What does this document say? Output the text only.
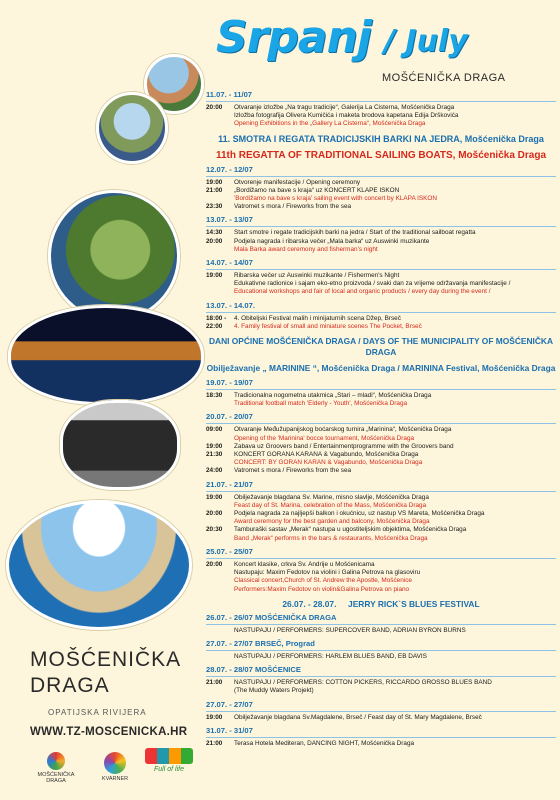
MOŠĆENIČKA
DRAGA
OPATIJSKA RIVIJERA
WWW.TZ-MOSCENICKA.HR
MOŠĆENIČKA DRAGA	KVARNER
Full of life
Srpanj / July
MOŠĆENIČKA DRAGA
11.07. - 11/07
20:00	Otvaranje izložbe „Na tragu tradicije“, Galerija La Cisterna, Mošćenička Draga
Izložba fotografija Olivera Kumičića i maketa brodova kapetana Edija Drškovića
Opening Exhibitions in the „Gallery La Cisterna“, Mošćenička Draga
11. SMOTRA I REGATA TRADICIJSKIH BARKI NA JEDRA, Mošćenička Draga
11th REGATTA OF TRADITIONAL SAILING BOATS, Mošćenička Draga
12.07. - 12/07
19:00	Otvorenje manifestacije / Opening ceremony
21:00	„Bordižamo na bave s kraja“ uz KONCERT KLAPE ISKON
'Bordižamo na bave s kraja' sailing event with concert by KLAPA ISKON
23:30	Vatromet s mora / Fireworks from the sea
13.07. - 13/07
14:30	Start smotre i regate tradicijskih barki na jedra / Start of the traditional sailboat regatta
20:00	Podjela nagrada i ribarska večer „Mala barka“ uz Auswinki muzikante
Mala Barka award ceremony and fisherman's night
14.07. - 14/07
19:00	Ribarska večer uz Auswinki muzikante / Fishermen's Night
Edukativne radionice i sajam eko-etno proizvoda / svaki dan za vrijeme održavanja manifestacije /
Educational workshops and fair of local and organic products / every day during the event /
13.07. - 14.07.
18:00 - 22:00
4. Obiteljski Festival malih i minijaturnih scena Džep, Brseč
4. Family festival of small and miniature scenes The Pocket, Brseč
DANI OPĆINE MOŠĆENIČKA DRAGA / DAYS OF THE MUNICIPALITY OF MOŠĆENIČKA DRAGA
Obilježavanje „ MARININE “, Mošćenička Draga / MARININA Festival, Mošćenička Draga
19.07. - 19/07
18:30	Tradicionalna nogometna utakmica „Stari – mladi“, Mošćenička Draga
Traditional football match 'Elderly - Youth', Mošćenička Draga
20.07. - 20/07
09:00	Otvaranje Međužupanijskog boćarskog turnira „Marinina“, Mošćenička Draga
Opening of the 'Marinina' bocce tournament, Mošćenička Draga
19:00	Zabava uz Groovers band / Entertainmentprogramme with the Groovers band
21:30	KONCERT GORANA KARANA & Vagabundo, Mošćenička Draga
CONCERT: BY GORAN KARAN & Vagabundo, Mošćenička Draga
24:00	Vatromet s mora / Fireworks from the sea
21.07. - 21/07
19:00	Obilježavanje blagdana Sv. Marine, misno slavlje, Mošćenička Draga
Feast day of St. Marina, celebration of the Mass, Mošćenička Draga
20:00	Podjela nagrada za najljepši balkon i okućnicu, uz nastup VS Mareta, Mošćenička Draga
Award ceremony for the best garden and balcony, Mošćenička Draga
20:30	Tamburaški sastav „Merak“ nastupa u ugostiteljskim objektima, Mošćenička Draga
Band „Merak“ performs in the bars & restaurants, Mošćenička Draga
25.07. - 25/07
20:00	Koncert klasike, crkva Sv. Andrije u Mošćenicama
Nastupaju: Maxim Fedotov na violini i Galina Petrova na glasoviru
Classical concert,Church of St. Andrew the Apostle, Mošćenice
Performers:Maxim Fedotov on violin&Galina Petrova on piano
26.07. - 28.07. JERRY RICK`S BLUES FESTIVAL
26.07. - 26/07 MOŠĆENIČKA DRAGA
NASTUPAJU / PERFORMERS: SUPERCOVER BAND, ADRIAN BYRON BURNS
27.07. - 27/07 BRSEČ, Prograd
NASTUPAJU / PERFORMERS: HARLEM BLUES BAND, EB DAVIS
28.07. - 28/07 MOŠĆENICE
21:00	NASTUPAJU / PERFORMERS: COTTON PICKERS, RICCARDO GROSSO BLUES BAND
(The Muddy Waters Projekt)
27.07. - 27/07
19:00	Obilježavanje blagdana Sv.Magdalene, Brseč / Feast day of St. Mary Magdalene, Brseč
31.07. - 31/07
21:00	Terasa Hotela Mediteran, DANCING NIGHT, Mošćenička Draga
